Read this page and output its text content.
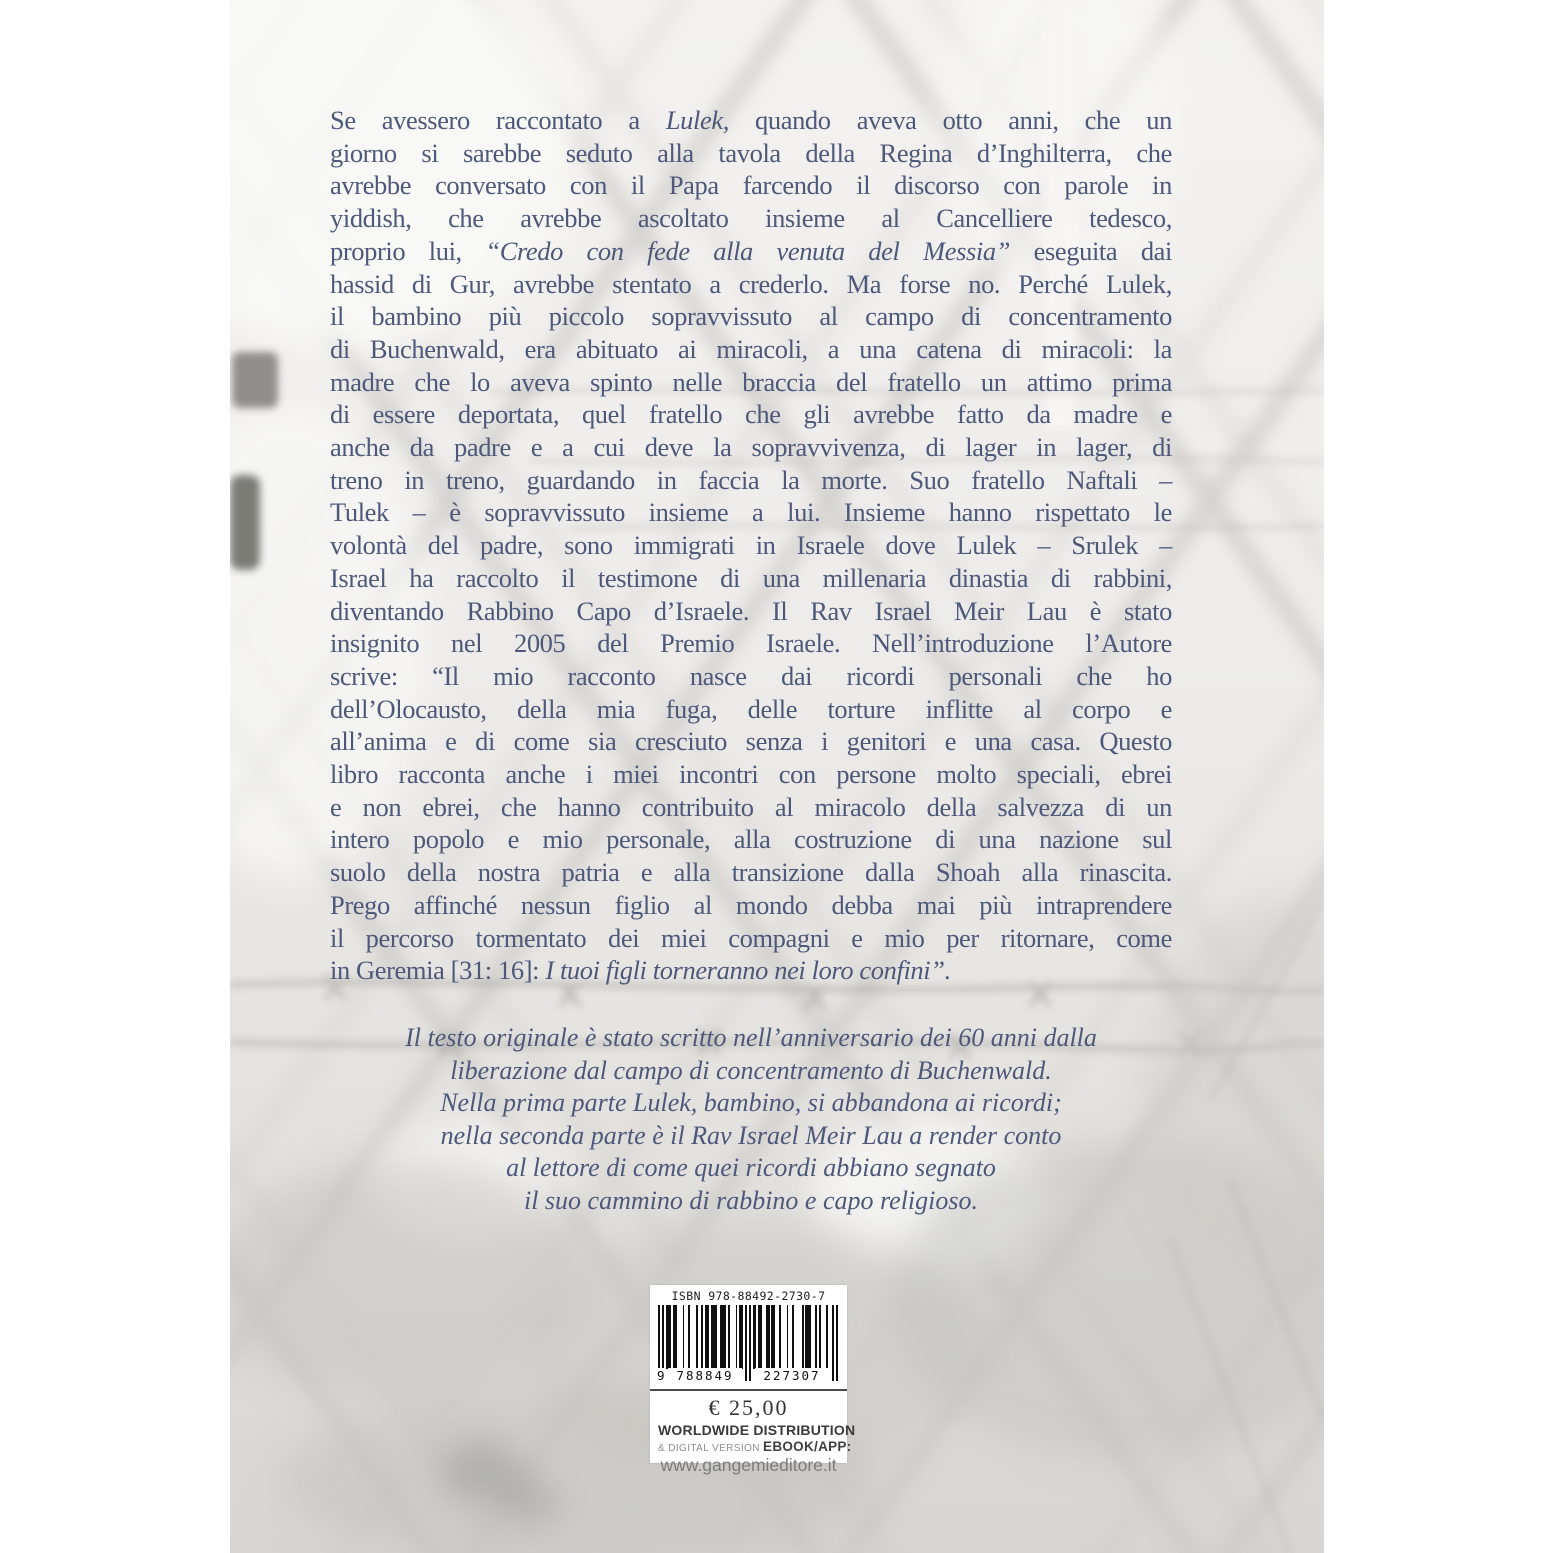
Se avessero raccontato a Lulek, quando aveva otto anni, che un
giorno si sarebbe seduto alla tavola della Regina d’Inghilterra, che
avrebbe conversato con il Papa farcendo il discorso con parole in
yiddish, che avrebbe ascoltato insieme al Cancelliere tedesco,
proprio lui, “Credo con fede alla venuta del Messia” eseguita dai
hassid di Gur, avrebbe stentato a crederlo. Ma forse no. Perché Lulek,
il bambino più piccolo sopravvissuto al campo di concentramento
di Buchenwald, era abituato ai miracoli, a una catena di miracoli: la
madre che lo aveva spinto nelle braccia del fratello un attimo prima
di essere deportata, quel fratello che gli avrebbe fatto da madre e
anche da padre e a cui deve la sopravvivenza, di lager in lager, di
treno in treno, guardando in faccia la morte. Suo fratello Naftali –
Tulek – è sopravvissuto insieme a lui. Insieme hanno rispettato le
volontà del padre, sono immigrati in Israele dove Lulek – Srulek –
Israel ha raccolto il testimone di una millenaria dinastia di rabbini,
diventando Rabbino Capo d’Israele. Il Rav Israel Meir Lau è stato
insignito nel 2005 del Premio Israele. Nell’introduzione l’Autore
scrive: “Il mio racconto nasce dai ricordi personali che ho
dell’Olocausto, della mia fuga, delle torture inflitte al corpo e
all’anima e di come sia cresciuto senza i genitori e una casa. Questo
libro racconta anche i miei incontri con persone molto speciali, ebrei
e non ebrei, che hanno contribuito al miracolo della salvezza di un
intero popolo e mio personale, alla costruzione di una nazione sul
suolo della nostra patria e alla transizione dalla Shoah alla rinascita.
Prego affinché nessun figlio al mondo debba mai più intraprendere
il percorso tormentato dei miei compagni e mio per ritornare, come
in Geremia [31: 16]: I tuoi figli torneranno nei loro confini”.
Il testo originale è stato scritto nell’anniversario dei 60 anni dalla
liberazione dal campo di concentramento di Buchenwald.
Nella prima parte Lulek, bambino, si abbandona ai ricordi;
nella seconda parte è il Rav Israel Meir Lau a render conto
al lettore di come quei ricordi abbiano segnato
il suo cammino di rabbino e capo religioso.
ISBN 978-88492-2730-7
9 788849	227307
€ 25,00
WORLDWIDE DISTRIBUTION
& DIGITAL VERSION EBOOK/APP:
www.gangemieditore.it
